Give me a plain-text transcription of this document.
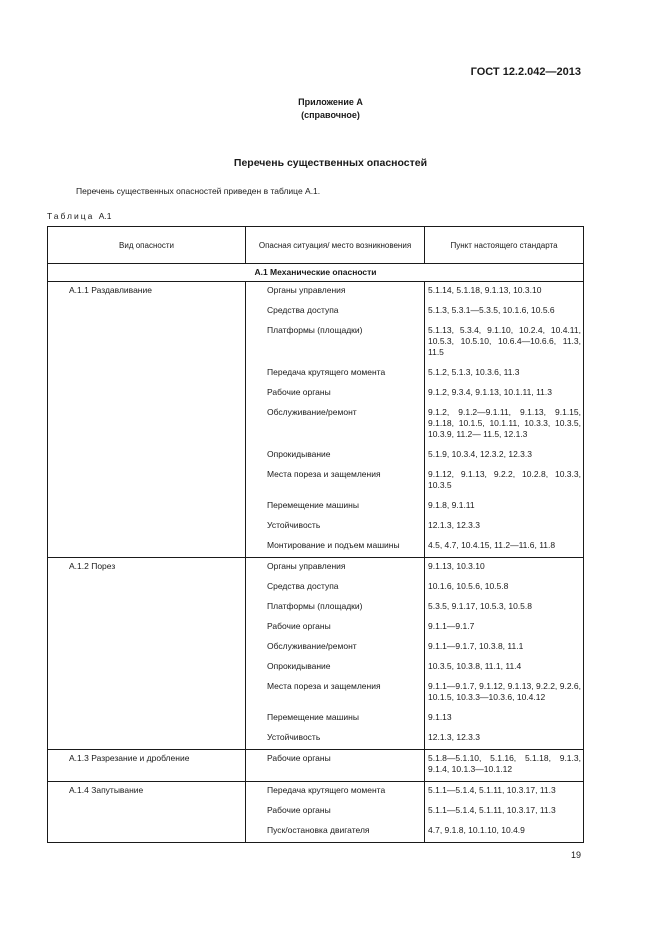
ГОСТ 12.2.042—2013
Приложение А
(справочное)
Перечень существенных опасностей
Перечень существенных опасностей приведен в таблице А.1.
Таблица А.1
Вид опасности	Опасная ситуация/ место возникновения	Пункт настоящего стандарта
А.1 Механические опасности		
А.1.1 Раздавливание	Органы управления	5.1.14, 5.1.18, 9.1.13, 10.3.10
	Средства доступа	5.1.3, 5.3.1—5.3.5, 10.1.6, 10.5.6
	Платформы (площадки)	5.1.13, 5.3.4, 9.1.10, 10.2.4, 10.4.11, 10.5.3, 10.5.10, 10.6.4—10.6.6, 11.3, 11.5
	Передача крутящего момента	5.1.2, 5.1.3, 10.3.6, 11.3
	Рабочие органы	9.1.2, 9.3.4, 9.1.13, 10.1.11, 11.3
	Обслуживание/ремонт	9.1.2, 9.1.2—9.1.11, 9.1.13, 9.1.15, 9.1.18, 10.1.5, 10.1.11, 10.3.3, 10.3.5, 10.3.9, 11.2— 11.5, 12.1.3
	Опрокидывание	5.1.9, 10.3.4, 12.3.2, 12.3.3
	Места пореза и защемления	9.1.12, 9.1.13, 9.2.2, 10.2.8, 10.3.3, 10.3.5
	Перемещение машины	9.1.8, 9.1.11
	Устойчивость	12.1.3, 12.3.3
	Монтирование и подъем машины	4.5, 4.7, 10.4.15, 11.2—11.6, 11.8
А.1.2 Порез	Органы управления	9.1.13, 10.3.10
	Средства доступа	10.1.6, 10.5.6, 10.5.8
	Платформы (площадки)	5.3.5, 9.1.17, 10.5.3, 10.5.8
	Рабочие органы	9.1.1—9.1.7
	Обслуживание/ремонт	9.1.1—9.1.7, 10.3.8, 11.1
	Опрокидывание	10.3.5, 10.3.8, 11.1, 11.4
	Места пореза и защемления	9.1.1—9.1.7, 9.1.12, 9.1.13, 9.2.2, 9.2.6, 10.1.5, 10.3.3—10.3.6, 10.4.12
	Перемещение машины	9.1.13
	Устойчивость	12.1.3, 12.3.3
А.1.3 Разрезание и дробление	Рабочие органы	5.1.8—5.1.10, 5.1.16, 5.1.18, 9.1.3, 9.1.4, 10.1.3—10.1.12
А.1.4 Запутывание	Передача крутящего момента	5.1.1—5.1.4, 5.1.11, 10.3.17, 11.3
	Рабочие органы	5.1.1—5.1.4, 5.1.11, 10.3.17, 11.3
	Пуск/остановка двигателя	4.7, 9.1.8, 10.1.10, 10.4.9
19
